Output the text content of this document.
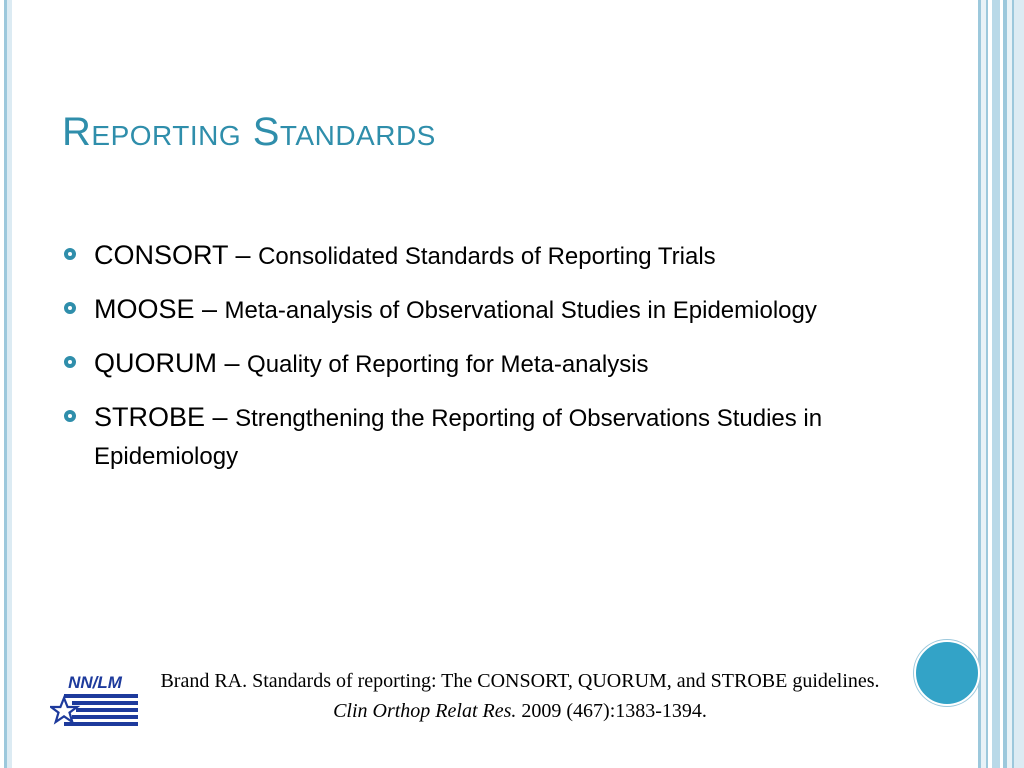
Reporting Standards
CONSORT – Consolidated Standards of Reporting Trials
MOOSE – Meta-analysis of Observational Studies in Epidemiology
QUORUM – Quality of Reporting for Meta-analysis
STROBE – Strengthening the Reporting of Observations Studies in Epidemiology
NN/LM	Brand RA. Standards of reporting: The CONSORT, QUORUM, and STROBE guidelines. Clin Orthop Relat Res. 2009 (467):1383-1394.
